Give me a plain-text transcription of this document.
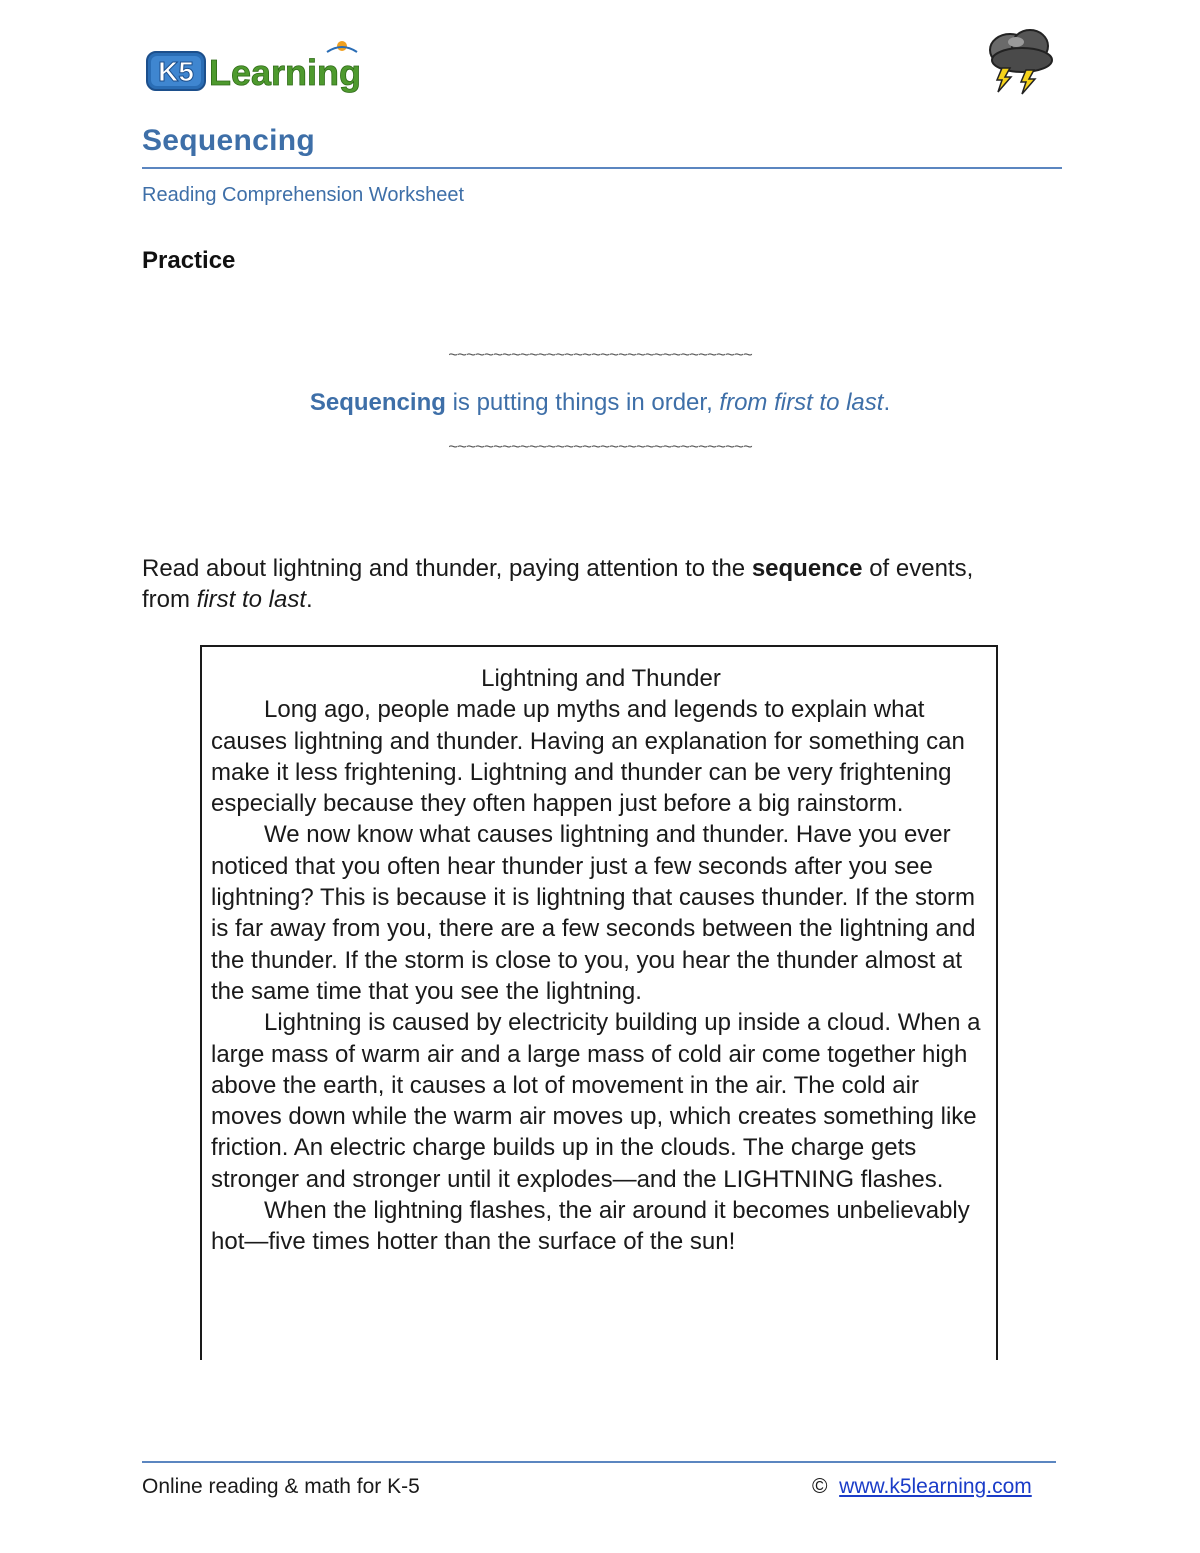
K5 Learning
Sequencing
Reading Comprehension Worksheet
Practice
~~~~~~~~~~~~~~~~~~~~~~~~~~~~~~~~~~
Sequencing is putting things in order, from first to last.
~~~~~~~~~~~~~~~~~~~~~~~~~~~~~~~~~~
Read about lightning and thunder, paying attention to the sequence of events, from first to last.
Lightning and Thunder
Long ago, people made up myths and legends to explain what causes lightning and thunder. Having an explanation for something can make it less frightening. Lightning and thunder can be very frightening especially because they often happen just before a big rainstorm.
We now know what causes lightning and thunder. Have you ever noticed that you often hear thunder just a few seconds after you see lightning? This is because it is lightning that causes thunder. If the storm is far away from you, there are a few seconds between the lightning and the thunder. If the storm is close to you, you hear the thunder almost at the same time that you see the lightning.
Lightning is caused by electricity building up inside a cloud. When a large mass of warm air and a large mass of cold air come together high above the earth, it causes a lot of movement in the air. The cold air moves down while the warm air moves up, which creates something like friction. An electric charge builds up in the clouds. The charge gets stronger and stronger until it explodes—and the LIGHTNING flashes.
When the lightning flashes, the air around it becomes unbelievably hot—five times hotter than the surface of the sun!
Online reading & math for K-5	© www.k5learning.com
